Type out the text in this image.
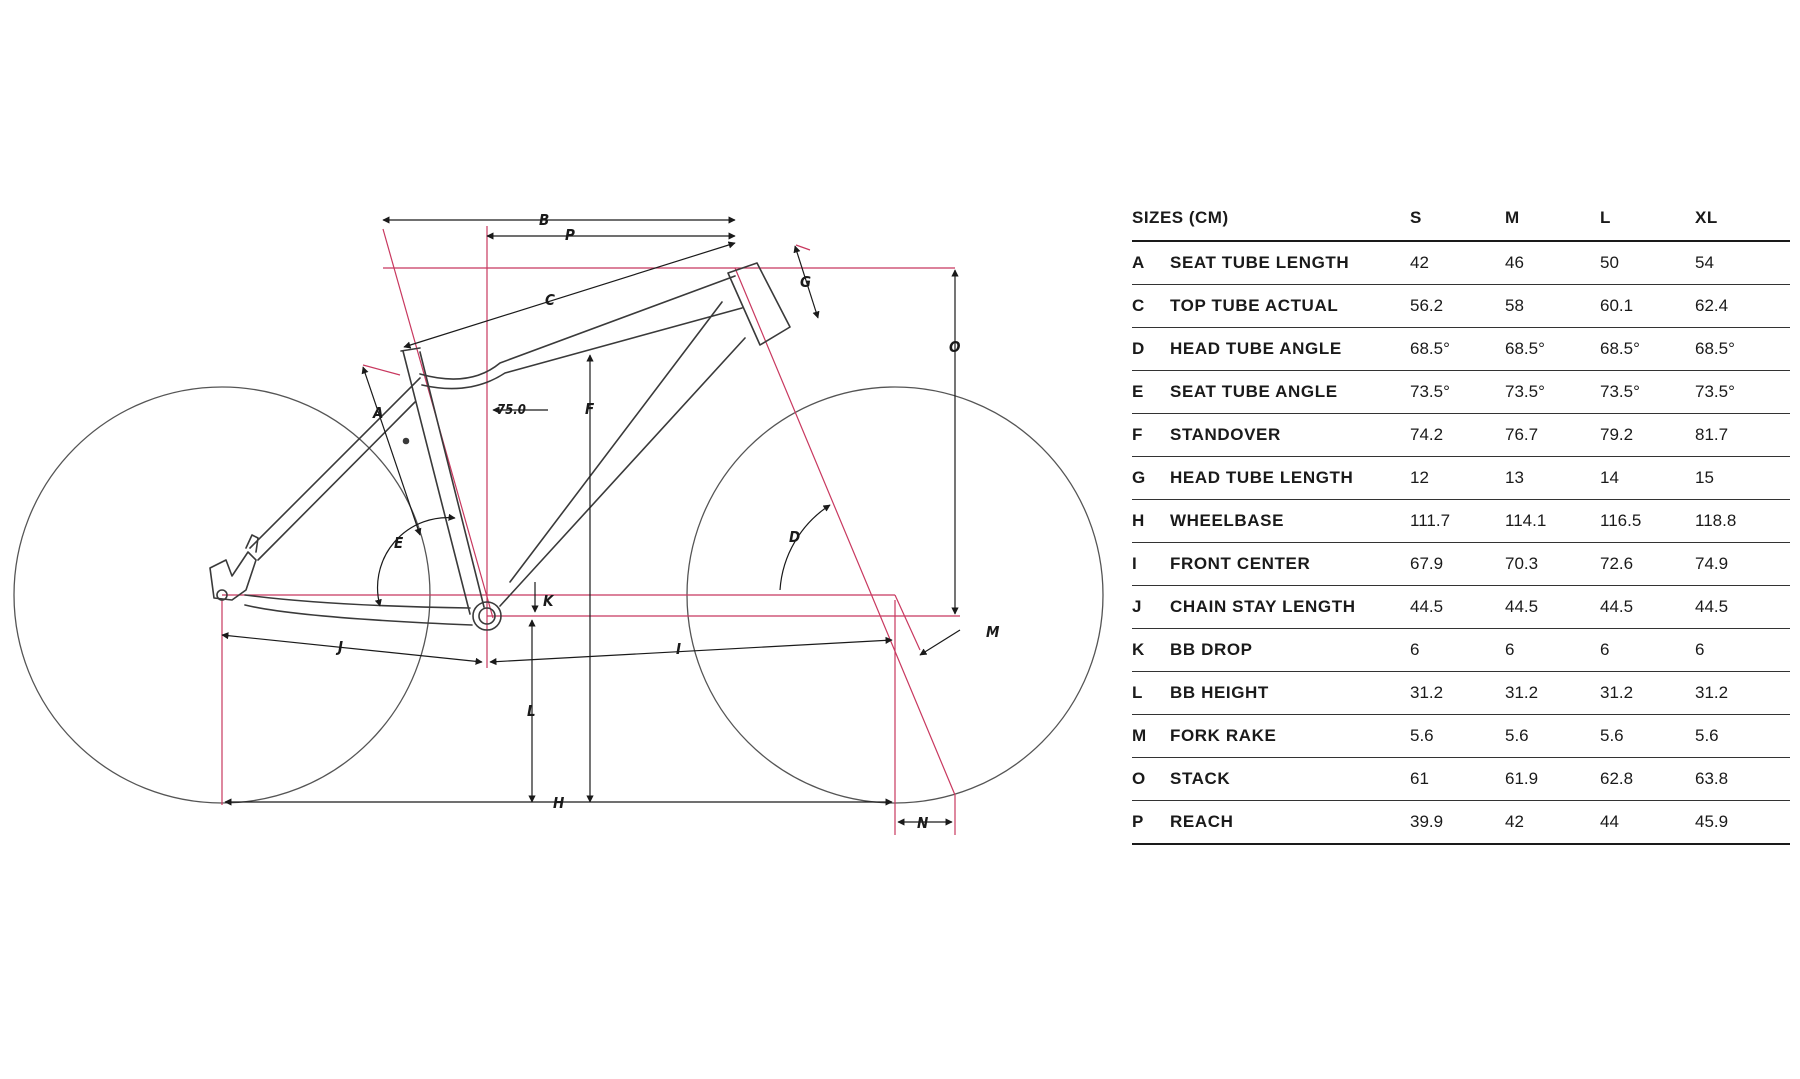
B
P
C
G
O
A	75.0	F
E	D
K
M
J	I
L
H
N
SIZES (CM)		S	M	L	XL
A	SEAT TUBE LENGTH	42	46	50	54
C	TOP TUBE ACTUAL	56.2	58	60.1	62.4
D	HEAD TUBE ANGLE	68.5°	68.5°	68.5°	68.5°
E	SEAT TUBE ANGLE	73.5°	73.5°	73.5°	73.5°
F	STANDOVER	74.2	76.7	79.2	81.7
G	HEAD TUBE LENGTH	12	13	14	15
H	WHEELBASE	111.7	114.1	116.5	118.8
I	FRONT CENTER	67.9	70.3	72.6	74.9
J	CHAIN STAY LENGTH	44.5	44.5	44.5	44.5
K	BB DROP	6	6	6	6
L	BB HEIGHT	31.2	31.2	31.2	31.2
M	FORK RAKE	5.6	5.6	5.6	5.6
O	STACK	61	61.9	62.8	63.8
P	REACH	39.9	42	44	45.9
